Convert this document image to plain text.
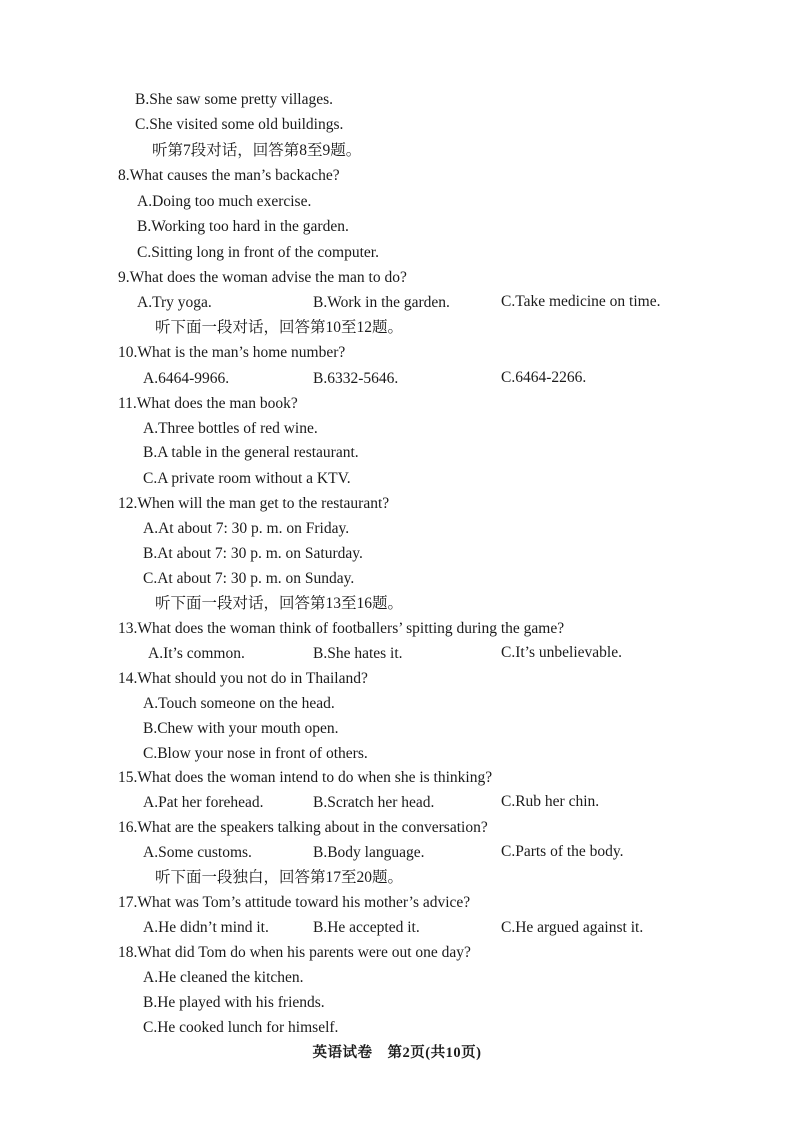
B.She saw some pretty villages.
C.She visited some old buildings.
听第7段对话，回答第8至9题。
8.What causes the man’s backache?
A.Doing too much exercise.
B.Working too hard in the garden.
C.Sitting long in front of the computer.
9.What does the woman advise the man to do?
A.Try yoga.	B.Work in the garden.	C.Take medicine on time.
听下面一段对话，回答第10至12题。
10.What is the man’s home number?
A.6464-9966.	B.6332-5646.	C.6464-2266.
11.What does the man book?
A.Three bottles of red wine.
B.A table in the general restaurant.
C.A private room without a KTV.
12.When will the man get to the restaurant?
A.At about 7: 30 p. m. on Friday.
B.At about 7: 30 p. m. on Saturday.
C.At about 7: 30 p. m. on Sunday.
听下面一段对话，回答第13至16题。
13.What does the woman think of footballers’ spitting during the game?
A.It’s common.	B.She hates it.	C.It’s unbelievable.
14.What should you not do in Thailand?
A.Touch someone on the head.
B.Chew with your mouth open.
C.Blow your nose in front of others.
15.What does the woman intend to do when she is thinking?
A.Pat her forehead.	B.Scratch her head.	C.Rub her chin.
16.What are the speakers talking about in the conversation?
A.Some customs.	B.Body language.	C.Parts of the body.
听下面一段独白，回答第17至20题。
17.What was Tom’s attitude toward his mother’s advice?
A.He didn’t mind it.	B.He accepted it.	C.He argued against it.
18.What did Tom do when his parents were out one day?
A.He cleaned the kitchen.
B.He played with his friends.
C.He cooked lunch for himself.
英语试卷　第2页(共10页)
